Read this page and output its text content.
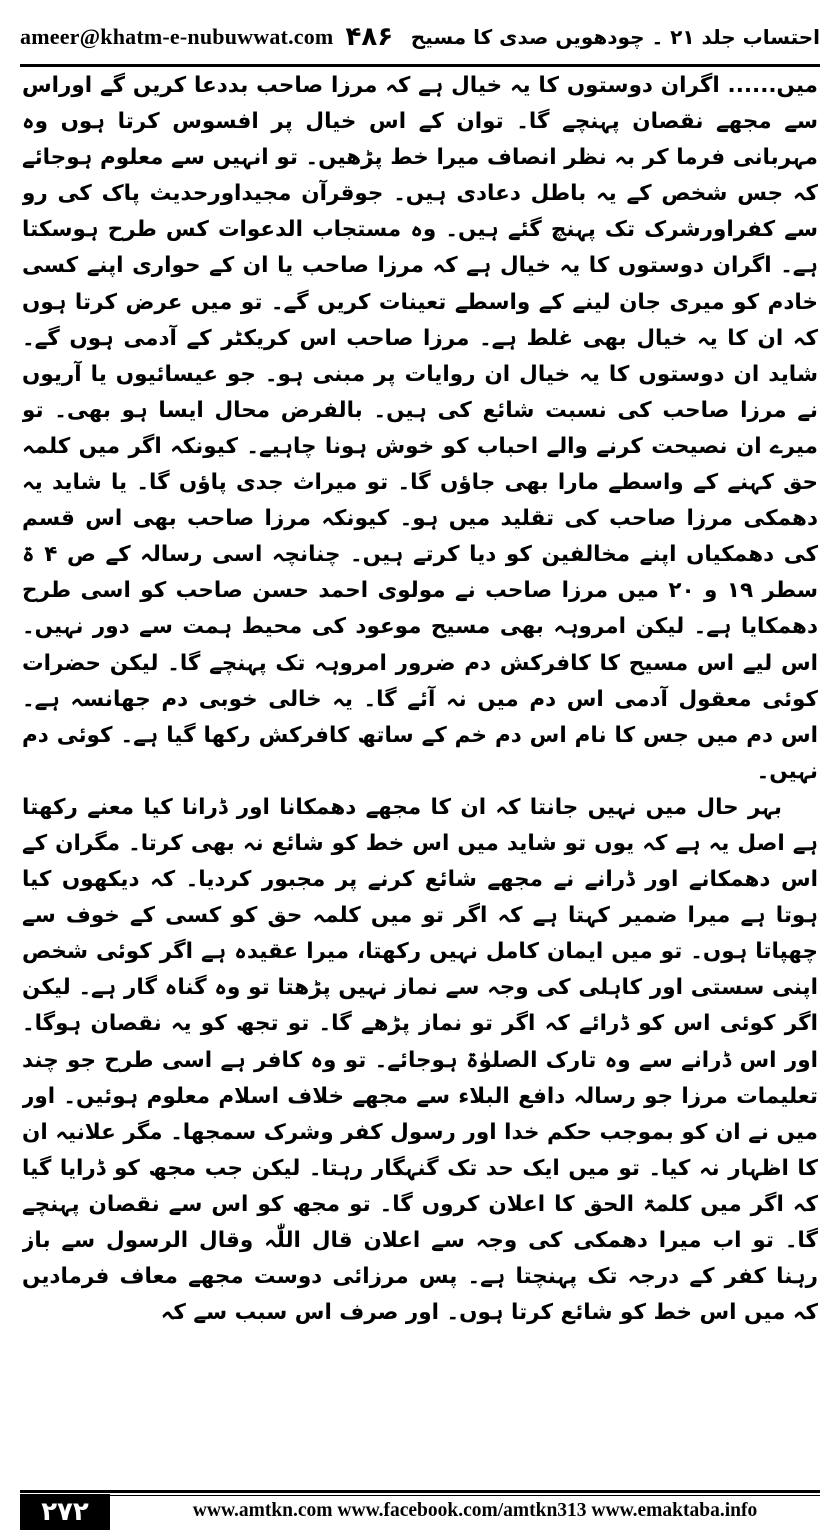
ameer@khatm-e-nubuwwat.com ۴۸۶ احتساب جلد ۲۱ ۔ چودھویں صدی کا مسیح

میں...... اگران دوستوں کا یہ خیال ہے کہ مرزا صاحب بددعا کریں گے اوراس سے مجھے نقصان پہنچے گا۔ توان کے اس خیال پر افسوس کرتا ہوں وہ مہربانی فرما کر بہ نظر انصاف میرا خط پڑھیں۔ تو انہیں سے معلوم ہوجائے کہ جس شخص کے یہ باطل دعادی ہیں۔ جوقرآن مجیداورحدیث پاک کی رو سے کفراورشرک تک پہنچ گئے ہیں۔ وہ مستجاب الدعوات کس طرح ہوسکتا ہے۔ اگران دوستوں کا یہ خیال ہے کہ مرزا صاحب یا ان کے حواری اپنے کسی خادم کو میری جان لینے کے واسطے تعینات کریں گے۔ تو میں عرض کرتا ہوں کہ ان کا یہ خیال بھی غلط ہے۔ مرزا صاحب اس کریکٹر کے آدمی ہوں گے۔ شاید ان دوستوں کا یہ خیال ان روایات پر مبنی ہو۔ جو عیسائیوں یا آریوں نے مرزا صاحب کی نسبت شائع کی ہیں۔ بالفرض محال ایسا ہو بھی۔ تو میرے ان نصیحت کرنے والے احباب کو خوش ہونا چاہیے۔ کیونکہ اگر میں کلمہ حق کہنے کے واسطے مارا بھی جاؤں گا۔ تو میراث جدی پاؤں گا۔ یا شاید یہ دھمکی مرزا صاحب کی تقلید میں ہو۔ کیونکہ مرزا صاحب بھی اس قسم کی دھمکیاں اپنے مخالفین کو دیا کرتے ہیں۔ چنانچہ اسی رسالہ کے ص ۴ ۃ سطر ۱۹ و ۲۰ میں مرزا صاحب نے مولوی احمد حسن صاحب کو اسی طرح دھمکایا ہے۔ لیکن امروہہ بھی مسیح موعود کی محیط ہمت سے دور نہیں۔ اس لیے اس مسیح کا کافرکش دم ضرور امروہہ تک پہنچے گا۔ لیکن حضرات کوئی معقول آدمی اس دم میں نہ آئے گا۔ یہ خالی خوبی دم جھانسہ ہے۔ اس دم میں جس کا نام اس دم خم کے ساتھ کافرکش رکھا گیا ہے۔ کوئی دم نہیں۔

بہر حال میں نہیں جانتا کہ ان کا مجھے دھمکانا اور ڈرانا کیا معنے رکھتا ہے اصل یہ ہے کہ یوں تو شاید میں اس خط کو شائع نہ بھی کرتا۔ مگران کے اس دھمکانے اور ڈرانے نے مجھے شائع کرنے پر مجبور کردیا۔ کہ دیکھوں کیا ہوتا ہے میرا ضمیر کہتا ہے کہ اگر تو میں کلمہ حق کو کسی کے خوف سے چھپاتا ہوں۔ تو میں ایمان کامل نہیں رکھتا، میرا عقیدہ ہے اگر کوئی شخص اپنی سستی اور کاہلی کی وجہ سے نماز نہیں پڑھتا تو وہ گناہ گار ہے۔ لیکن اگر کوئی اس کو ڈرائے کہ اگر تو نماز پڑھے گا۔ تو تجھ کو یہ نقصان ہوگا۔ اور اس ڈرانے سے وہ تارک الصلوٰۃ ہوجائے۔ تو وہ کافر ہے اسی طرح جو چند تعلیمات مرزا جو رسالہ دافع البلاء سے مجھے خلاف اسلام معلوم ہوئیں۔ اور میں نے ان کو بموجب حکم خدا اور رسول کفر وشرک سمجھا۔ مگر علانیہ ان کا اظہار نہ کیا۔ تو میں ایک حد تک گنہگار رہتا۔ لیکن جب مجھ کو ڈرایا گیا کہ اگر میں کلمۃ الحق کا اعلان کروں گا۔ تو مجھ کو اس سے نقصان پہنچے گا۔ تو اب میرا دھمکی کی وجہ سے اعلان قال اللّٰہ وقال الرسول سے باز رہنا کفر کے درجہ تک پہنچتا ہے۔ پس مرزائی دوست مجھے معاف فرمادیں کہ میں اس خط کو شائع کرتا ہوں۔ اور صرف اس سبب سے کہ

۲۷۲	www.amtkn.com www.facebook.com/amtkn313 www.emaktaba.info
